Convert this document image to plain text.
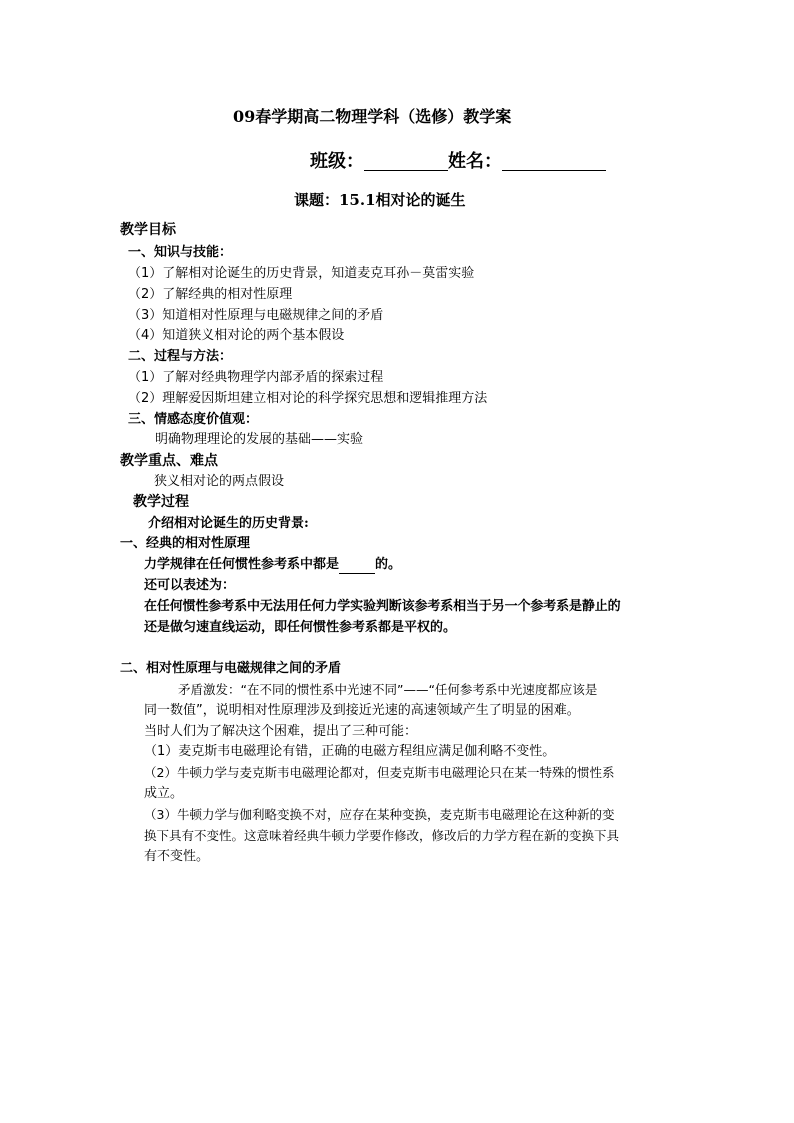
09春学期高二物理学科（选修）教学案
班级：	姓名：
课题：15.1相对论的诞生
教学目标
一、知识与技能：
（1）了解相对论诞生的历史背景，知道麦克耳孙－莫雷实验
（2）了解经典的相对性原理
（3）知道相对性原理与电磁规律之间的矛盾
（4）知道狭义相对论的两个基本假设
二、过程与方法：
（1）了解对经典物理学内部矛盾的探索过程
（2）理解爱因斯坦建立相对论的科学探究思想和逻辑推理方法
三、情感态度价值观：
明确物理理论的发展的基础——实验
教学重点、难点
狭义相对论的两点假设
教学过程
介绍相对论诞生的历史背景:
一、经典的相对性原理
力学规律在任何惯性参考系中都是	的。
还可以表述为：
在任何惯性参考系中无法用任何力学实验判断该参考系相当于另一个参考系是静止的
还是做匀速直线运动，即任何惯性参考系都是平权的。
二、相对性原理与电磁规律之间的矛盾
矛盾激发：“在不同的惯性系中光速不同”——“任何参考系中光速度都应该是
同一数值”，说明相对性原理涉及到接近光速的高速领域产生了明显的困难。
当时人们为了解决这个困难，提出了三种可能：
（1）麦克斯韦电磁理论有错，正确的电磁方程组应满足伽利略不变性。
（2）牛顿力学与麦克斯韦电磁理论都对，但麦克斯韦电磁理论只在某一特殊的惯性系
成立。
（3）牛顿力学与伽利略变换不对，应存在某种变换，麦克斯韦电磁理论在这种新的变
换下具有不变性。这意味着经典牛顿力学要作修改，修改后的力学方程在新的变换下具
有不变性。
